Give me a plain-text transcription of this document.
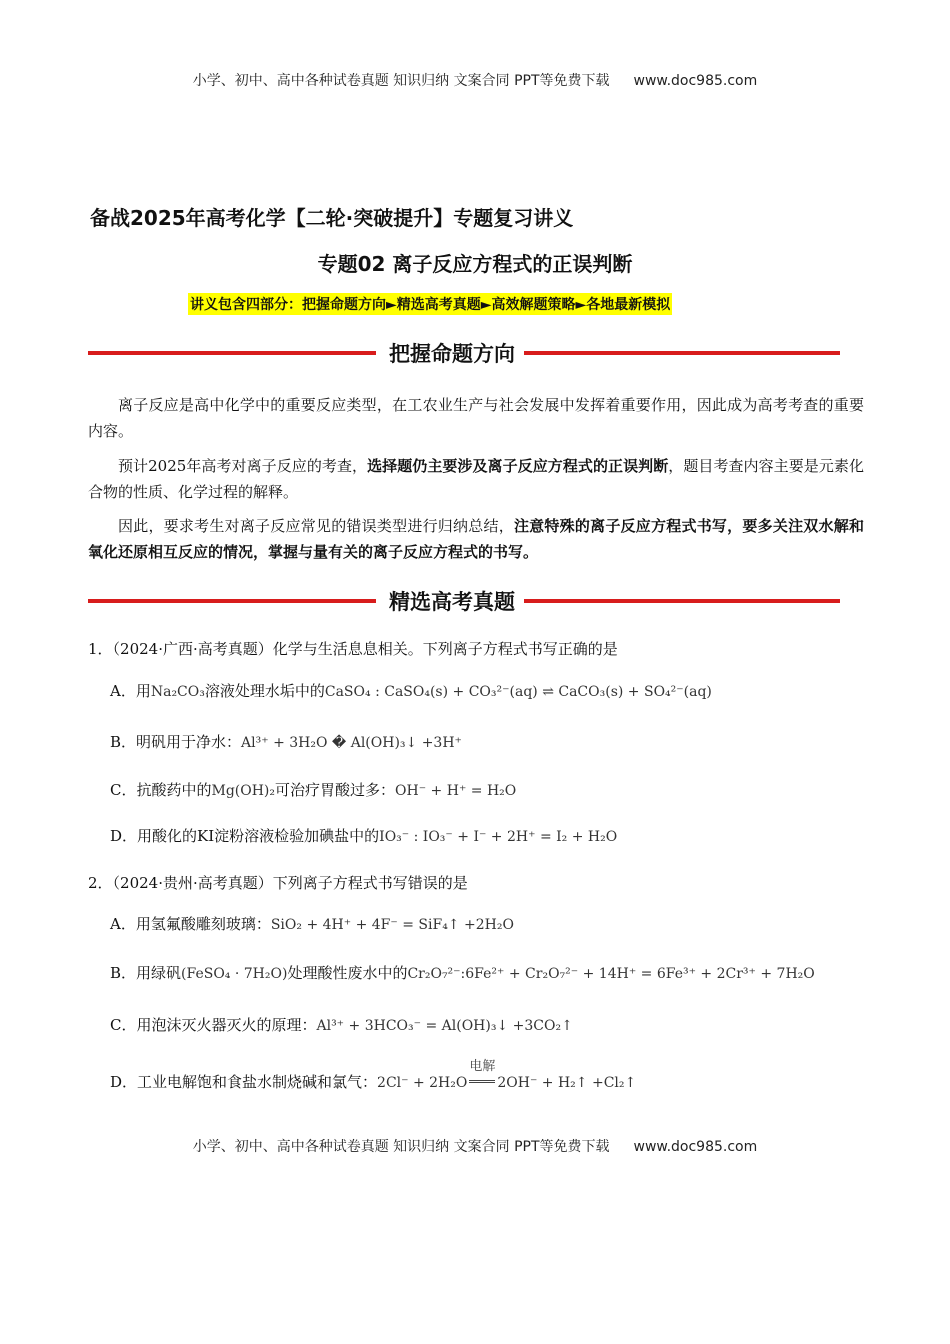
小学、初中、高中各种试卷真题 知识归纳 文案合同 PPT等免费下载 www.doc985.com
备战2025年高考化学【二轮·突破提升】专题复习讲义
专题02 离子反应方程式的正误判断
讲义包含四部分：把握命题方向►精选高考真题►高效解题策略►各地最新模拟
把握命题方向
离子反应是高中化学中的重要反应类型，在工农业生产与社会发展中发挥着重要作用，因此成为高考考查的重要内容。
预计2025年高考对离子反应的考查，选择题仍主要涉及离子反应方程式的正误判断，题目考查内容主要是元素化合物的性质、化学过程的解释。
因此，要求考生对离子反应常见的错误类型进行归纳总结，注意特殊的离子反应方程式书写，要多关注双水解和氧化还原相互反应的情况，掌握与量有关的离子反应方程式的书写。
精选高考真题
1．（2024·广西·高考真题）化学与生活息息相关。下列离子方程式书写正确的是
A．用Na₂CO₃溶液处理水垢中的CaSO₄ : CaSO₄(s) + CO₃²⁻(aq) ⇌ CaCO₃(s) + SO₄²⁻(aq)
B．明矾用于净水：Al³⁺ + 3H₂O � Al(OH)₃↓ +3H⁺
C．抗酸药中的Mg(OH)₂可治疗胃酸过多：OH⁻ + H⁺ = H₂O
D．用酸化的KI淀粉溶液检验加碘盐中的IO₃⁻ : IO₃⁻ + I⁻ + 2H⁺ = I₂ + H₂O
2．（2024·贵州·高考真题）下列离子方程式书写错误的是
A．用氢氟酸雕刻玻璃：SiO₂ + 4H⁺ + 4F⁻ = SiF₄↑ +2H₂O
B．用绿矾(FeSO₄ · 7H₂O)处理酸性废水中的Cr₂O₇²⁻:6Fe²⁺ + Cr₂O₇²⁻ + 14H⁺ = 6Fe³⁺ + 2Cr³⁺ + 7H₂O
C．用泡沫灭火器灭火的原理：Al³⁺ + 3HCO₃⁻ = Al(OH)₃↓ +3CO₂↑
D．工业电解饱和食盐水制烧碱和氯气：2Cl⁻ + 2H₂O
电解
2OH⁻ + H₂↑ +Cl₂↑
小学、初中、高中各种试卷真题 知识归纳 文案合同 PPT等免费下载 www.doc985.com
